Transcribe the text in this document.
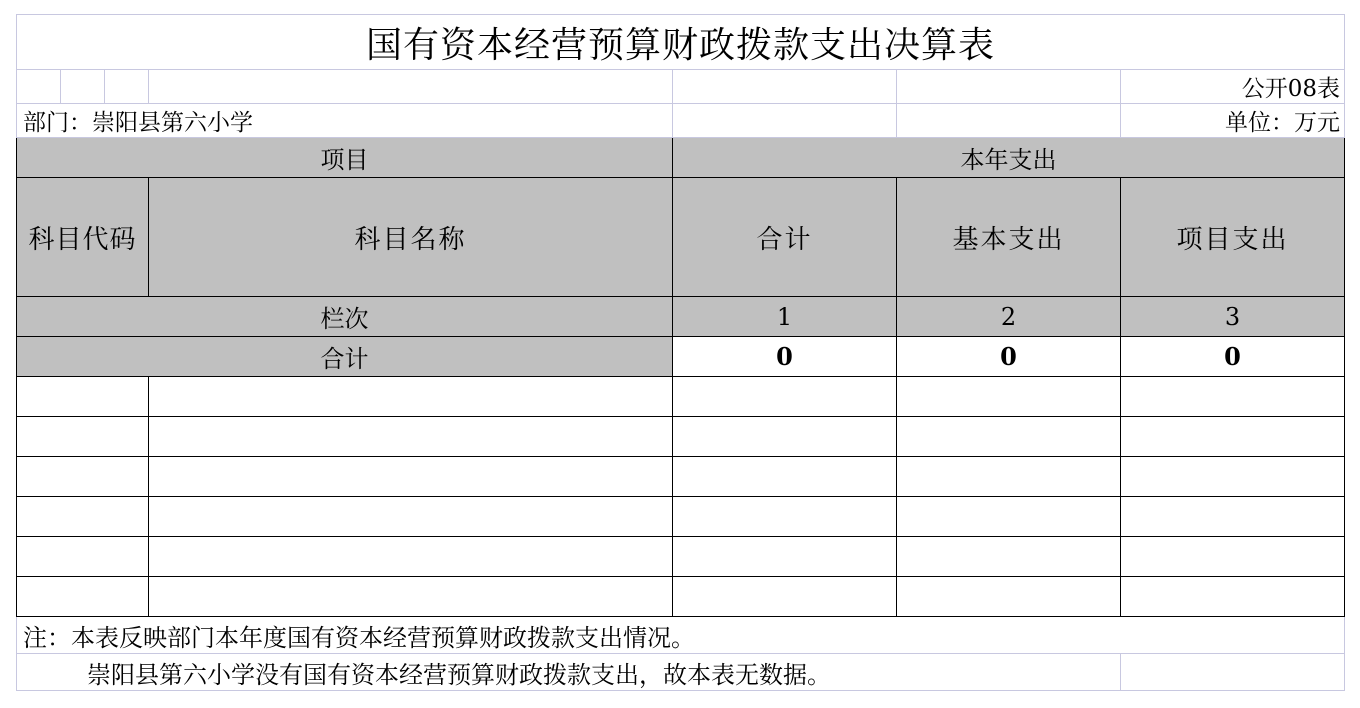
国有资本经营预算财政拨款支出决算表						
						公开08表
部门：崇阳县第六小学						单位：万元
项目				本年支出		
科目代码			科目名称	合计	基本支出	项目支出
栏次				1	2	3
合计				0	0	0

注：本表反映部门本年度国有资本经营预算财政拨款支出情况。						
崇阳县第六小学没有国有资本经营预算财政拨款支出，故本表无数据。						
